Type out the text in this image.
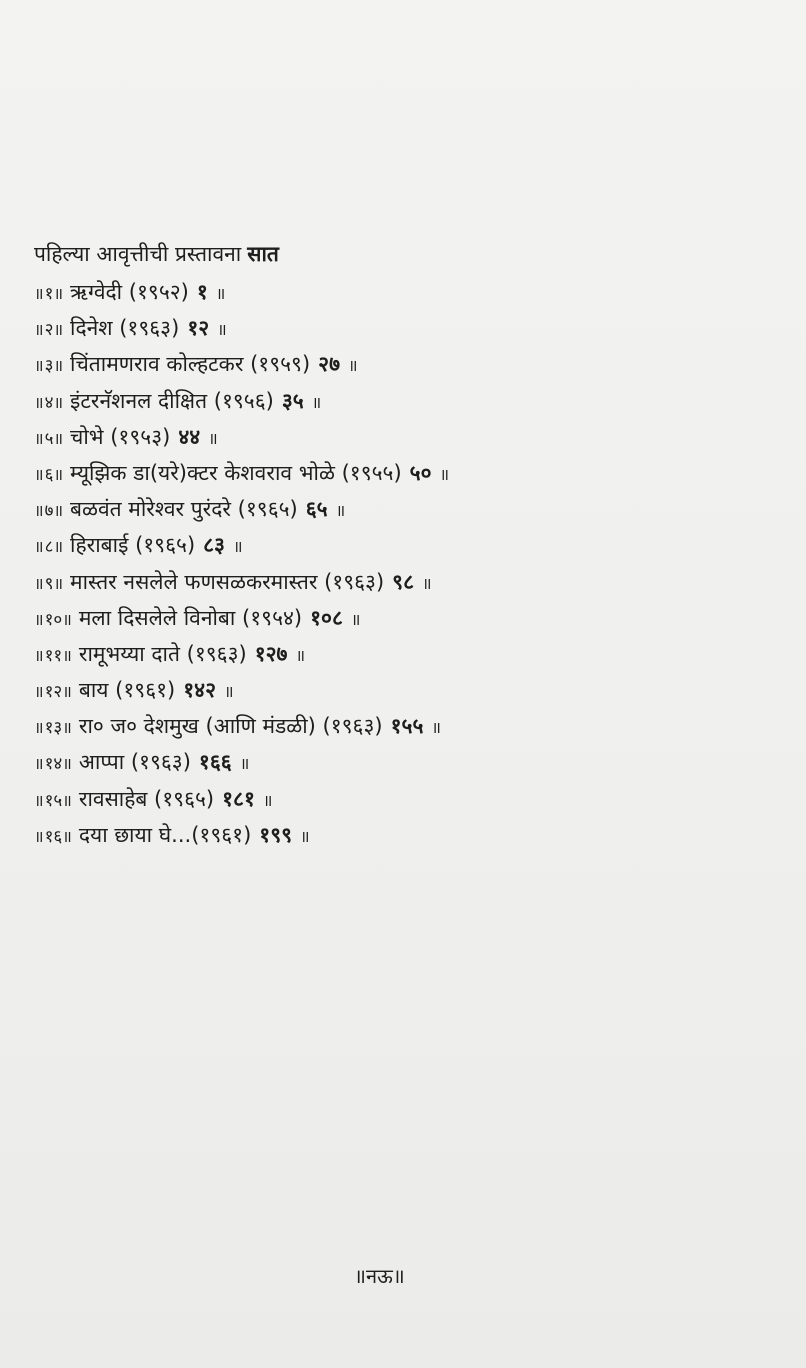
पहिल्या आवृत्तीची प्रस्तावना सात
॥१॥ ऋग्वेदी (१९५२) १ ॥
॥२॥ दिनेश (१९६३) १२ ॥
॥३॥ चिंतामणराव कोल्हटकर (१९५९) २७ ॥
॥४॥ इंटरनॅशनल दीक्षित (१९५६) ३५ ॥
॥५॥ चोभे (१९५३) ४४ ॥
॥६॥ म्यूझिक डा(यरे)क्टर केशवराव भोळे (१९५५) ५० ॥
॥७॥ बळवंत मोरेश्वर पुरंदरे (१९६५) ६५ ॥
॥८॥ हिराबाई (१९६५) ८३ ॥
॥९॥ मास्तर नसलेले फणसळकरमास्तर (१९६३) ९८ ॥
॥१०॥ मला दिसलेले विनोबा (१९५४) १०८ ॥
॥११॥ रामूभय्या दाते (१९६३) १२७ ॥
॥१२॥ बाय (१९६१) १४२ ॥
॥१३॥ रा० ज० देशमुख (आणि मंडळी) (१९६३) १५५ ॥
॥१४॥ आप्पा (१९६३) १६६ ॥
॥१५॥ रावसाहेब (१९६५) १८१ ॥
॥१६॥ दया छाया घे...(१९६१) १९९ ॥
॥नऊ॥
